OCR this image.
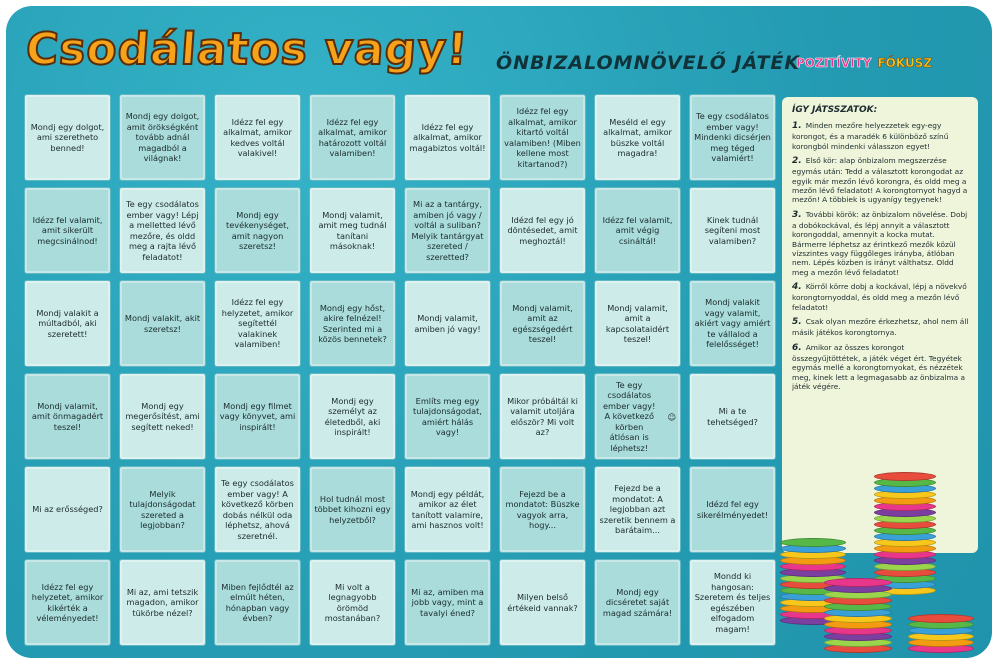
Csodálatos vagy! ÖNBIZALOMNÖVELŐ JÁTÉK
POZITÍVITY FÓKUSZ
Mondj egy dolgot, ami szeretheto benned!
Mondj egy dolgot, amit örökségként tovább adnál magadból a világnak!
Idézz fel egy alkalmat, amikor kedves voltál valakivel!
Idézz fel egy alkalmat, amikor határozott voltál valamiben!
Idézz fel egy alkalmat, amikor magabiztos voltál!
Idézz fel egy alkalmat, amikor kitartó voltál valamiben! (Miben kellene most kitartanod?)
Meséld el egy alkalmat, amikor büszke voltál magadra!
Te egy csodálatos ember vagy! Mindenki dicsérjen meg téged valamiért!
Idézz fel valamit, amit sikerült megcsinálnod!
Te egy csodálatos ember vagy! Lépj a melletted lévő mezőre, és oldd meg a rajta lévő feladatot!
Mondj egy tevékenységet, amit nagyon szeretsz!
Mondj valamit, amit meg tudnál tanítani másoknak!
Mi az a tantárgy, amiben jó vagy / voltál a suliban? Melyik tantárgyat szereted / szeretted?
Idézd fel egy jó döntésedet, amit meghoztál!
Idézz fel valamit, amit végig csináltál!
Kinek tudnál segíteni most valamiben?
Mondj valakit a múltadból, aki szeretett!
Mondj valakit, akit szeretsz!
Idézz fel egy helyzetet, amikor segítettél valakinek valamiben!
Mondj egy hőst, akire felnézel! Szerinted mi a közös bennetek?
Mondj valamit, amiben jó vagy!
Mondj valamit, amit az egészségedért teszel!
Mondj valamit, amit a kapcsolataidért teszel!
Mondj valakit vagy valamit, akiért vagy amiért te vállalod a felelősséget!
Mondj valamit, amit önmagadért teszel!
Mondj egy megerősítést, ami segített neked!
Mondj egy filmet vagy könyvet, ami inspirált!
Mondj egy személyt az életedből, aki inspirált!
Említs meg egy tulajdonságodat, amiért hálás vagy!
Mikor próbáltál ki valamit utoljára először? Mi volt az?
Te egy csodálatos ember vagy! A következő körben átlósan is léphetsz!
☺
Mi a te tehetséged?
Mi az erősséged?
Melyik tulajdonságodat szereted a legjobban?
Te egy csodálatos ember vagy! A következő körben dobás nélkül oda léphetsz, ahová szeretnél.
Hol tudnál most többet kihozni egy helyzetből?
Mondj egy példát, amikor az élet tanított valamire, ami hasznos volt!
Fejezd be a mondatot: Büszke vagyok arra, hogy...
Fejezd be a mondatot: A legjobban azt szeretik bennem a barátaim...
Idézd fel egy sikerélményedet!
Idézz fel egy helyzetet, amikor kikérték a véleményedet!
Mi az, ami tetszik magadon, amikor tükörbe nézel?
Miben fejlődtél az elmúlt héten, hónapban vagy évben?
Mi volt a legnagyobb örömöd mostanában?
Mi az, amiben ma jobb vagy, mint a tavalyi éned?
Milyen belső értékeid vannak?
Mondj egy dicséretet saját magad számára!
Mondd ki hangosan: Szeretem és teljes egészében elfogadom magam!
ÍGY JÁTSSZATOK:
1. Minden mezőre helyezzetek egy-egy korongot, és a maradék 6 különböző színű korongból mindenki válasszon egyet!
2. Első kör: alap önbizalom megszerzése egymás után: Tedd a választott korongodat az egyik már mezőn lévő korongra, és oldd meg a mezőn lévő feladatot! A korongtornyot hagyd a mezőn! A többiek is ugyanígy tegyenek!
3. További körök: az önbizalom növelése. Dobj a dobókockával, és lépj annyit a választott korongoddal, amennyit a kocka mutat. Bármerre léphetsz az érintkező mezők közül vízszintes vagy függőleges irányba, átlóban nem. Lépés közben is irányt válthatsz. Oldd meg a mezőn lévő feladatot!
4. Körről körre dobj a kockával, lépj a növekvő korongtornyoddal, és oldd meg a mezőn lévő feladatot!
5. Csak olyan mezőre érkezhetsz, ahol nem áll másik játékos korongtornya.
6. Amikor az összes korongot összegyűjtöttétek, a játék véget ért. Tegyétek egymás mellé a korongtornyokat, és nézzétek meg, kinek lett a legmagasabb az önbizalma a játék végére.
